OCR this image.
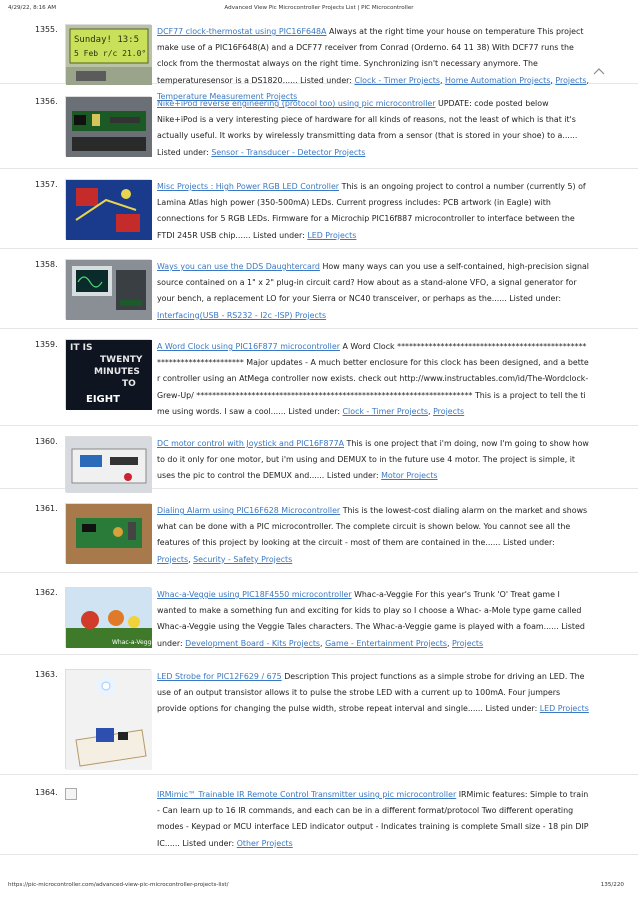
4/29/22, 8:16 AM	Advanced View Pic Microcontroller Projects List | PIC Microcontroller
1355.
Sunday! 13:5
5 Feb r/c 21.0°

DCF77 clock-thermostat using PIC16F648A Always at the right time your house on temperature This project make use of a PIC16F648(A) and a DCF77 receiver from Conrad (Orderno. 64 11 38) With DCF77 runs the clock from the thermostat always on the right time. Synchronizing isn't necessary anymore. The temperaturesensor is a DS1820...... Listed under: Clock - Timer Projects, Home Automation Projects, Projects, Temperature Measurement Projects

1356.	Nike+iPod reverse engineering (protocol too) using pic microcontroller UPDATE: code posted below Nike+iPod is a very interesting piece of hardware for all kinds of reasons, not the least of which is that it's actually useful. It works by wirelessly transmitting data from a sensor (that is stored in your shoe) to a...... Listed under: Sensor - Transducer - Detector Projects

1357.	Misc Projects : High Power RGB LED Controller This is an ongoing project to control a number (currently 5) of Lamina Atlas high power (350-500mA) LEDs. Current progress includes: PCB artwork (in Eagle) with connections for 5 RGB LEDs. Firmware for a Microchip PIC16f887 microcontroller to interface between the FTDI 245R USB chip...... Listed under: LED Projects

1358.	Ways you can use the DDS Daughtercard How many ways can you use a self-contained, high-precision signal source contained on a 1" x 2" plug-in circuit card? How about as a stand-alone VFO, a signal generator for your bench, a replacement LO for your Sierra or NC40 transceiver, or perhaps as the...... Listed under: Interfacing(USB - RS232 - I2c -ISP) Projects

1359. IT IS
TWENTY
MINUTES
TO
EIGHT

A Word Clock using PIC16F877 microcontroller A Word Clock ********************************************************************** Major updates - A much better enclosure for this clock has been designed, and a better controller using an AtMega controller now exists. check out http://www.instructables.com/id/The-Wordclock-Grew-Up/ ********************************************************************** This is a project to tell the time using words. I saw a cool...... Listed under: Clock - Timer Projects, Projects

1360.	DC motor control with Joystick and PIC16F877A This is one project that i'm doing, now I'm going to show how to do it only for one motor, but i'm using and DEMUX to in the future use 4 motor. The project is simple, it uses the pic to control the DEMUX and...... Listed under: Motor Projects

1361.	Dialing Alarm using PIC16F628 Microcontroller This is the lowest-cost dialing alarm on the market and shows what can be done with a PIC microcontroller. The complete circuit is shown below. You cannot see all the features of this project by looking at the circuit - most of them are contained in the...... Listed under: Projects, Security - Safety Projects

1362.
Whac-a-Veggie

Whac-a-Veggie using PIC18F4550 microcontroller Whac-a-Veggie For this year's Trunk 'O' Treat game I wanted to make a something fun and exciting for kids to play so I choose a Whac- a-Mole type game called Whac-a-Veggie using the Veggie Tales characters. The Whac-a-Veggie game is played with a foam...... Listed under: Development Board - Kits Projects, Game - Entertainment Projects, Projects

1363.	LED Strobe for PIC12F629 / 675 Description This project functions as a simple strobe for driving an LED. The use of an output transistor allows it to pulse the strobe LED with a current up to 100mA. Four jumpers provide options for changing the pulse width, strobe repeat interval and single...... Listed under: LED Projects

1364.	IRMimic™ Trainable IR Remote Control Transmitter using pic microcontroller IRMimic features: Simple to train - Can learn up to 16 IR commands, and each can be in a different format/protocol Two different operating modes - Keypad or MCU interface LED indicator output - Indicates training is complete Small size - 18 pin DIP IC...... Listed under: Other Projects

https://pic-microcontroller.com/advanced-view-pic-microcontroller-projects-list/	135/220
